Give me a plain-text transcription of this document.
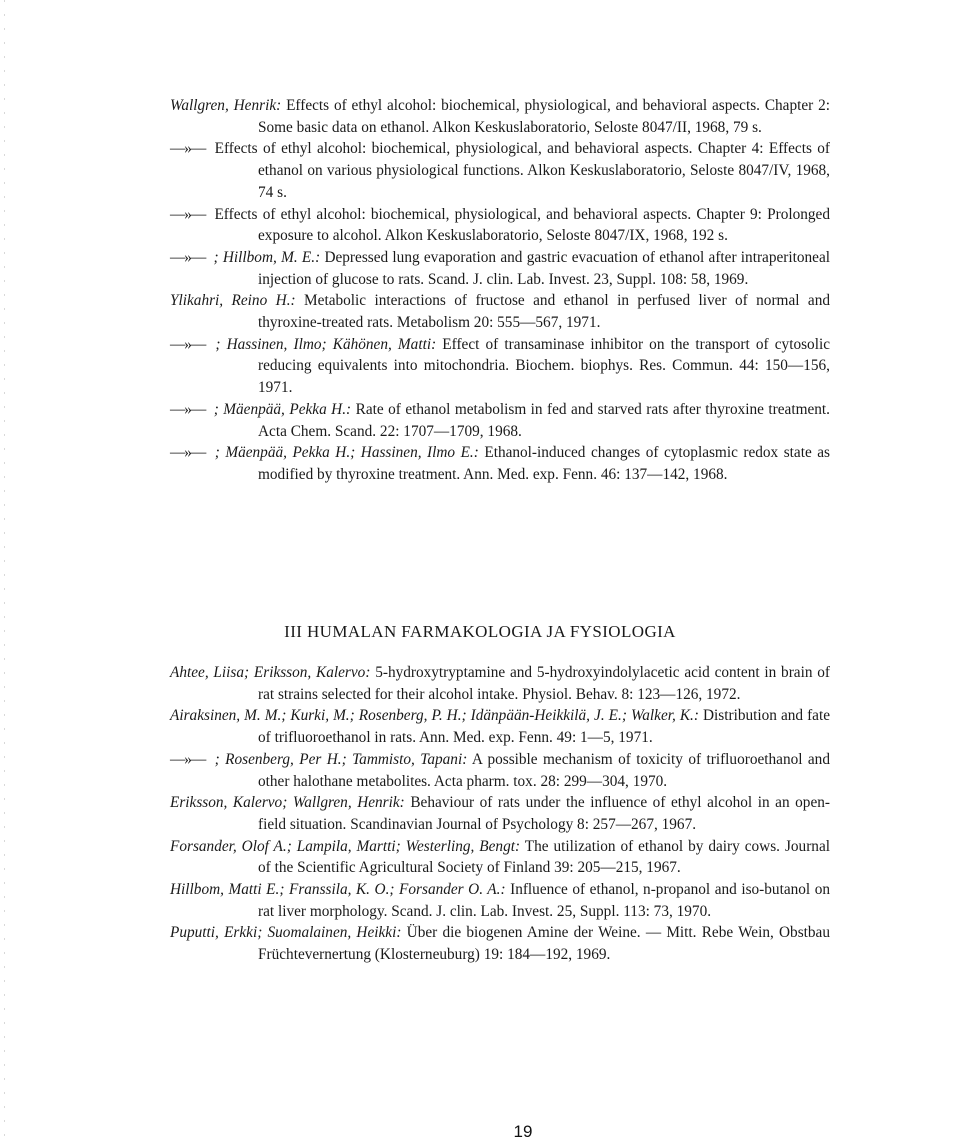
Wallgren, Henrik: Effects of ethyl alcohol: biochemical, physiological, and behavioral aspects. Chapter 2: Some basic data on ethanol. Alkon Keskuslaboratorio, Seloste 8047/II, 1968, 79 s.

—»— Effects of ethyl alcohol: biochemical, physiological, and behavioral aspects. Chapter 4: Effects of ethanol on various physiological functions. Alkon Keskuslaboratorio, Seloste 8047/IV, 1968, 74 s.

—»— Effects of ethyl alcohol: biochemical, physiological, and behavioral aspects. Chapter 9: Prolonged exposure to alcohol. Alkon Keskuslaboratorio, Seloste 8047/IX, 1968, 192 s.

—»— ; Hillbom, M. E.: Depressed lung evaporation and gastric evacuation of ethanol after intraperitoneal injection of glucose to rats. Scand. J. clin. Lab. Invest. 23, Suppl. 108: 58, 1969.

Ylikahri, Reino H.: Metabolic interactions of fructose and ethanol in perfused liver of normal and thyroxine-treated rats. Metabolism 20: 555—567, 1971.

—»— ; Hassinen, Ilmo; Kähönen, Matti: Effect of transaminase inhibitor on the transport of cytosolic reducing equivalents into mitochondria. Biochem. biophys. Res. Commun. 44: 150—156, 1971.

—»— ; Mäenpää, Pekka H.: Rate of ethanol metabolism in fed and starved rats after thyroxine treatment. Acta Chem. Scand. 22: 1707—1709, 1968.

—»— ; Mäenpää, Pekka H.; Hassinen, Ilmo E.: Ethanol-induced changes of cytoplasmic redox state as modified by thyroxine treatment. Ann. Med. exp. Fenn. 46: 137—142, 1968.

III HUMALAN FARMAKOLOGIA JA FYSIOLOGIA

Ahtee, Liisa; Eriksson, Kalervo: 5-hydroxytryptamine and 5-hydroxyindolylacetic acid content in brain of rat strains selected for their alcohol intake. Physiol. Behav. 8: 123—126, 1972.

Airaksinen, M. M.; Kurki, M.; Rosenberg, P. H.; Idänpään-Heikkilä, J. E.; Walker, K.: Distribution and fate of trifluoroethanol in rats. Ann. Med. exp. Fenn. 49: 1—5, 1971.

—»— ; Rosenberg, Per H.; Tammisto, Tapani: A possible mechanism of toxicity of trifluoroethanol and other halothane metabolites. Acta pharm. tox. 28: 299—304, 1970.

Eriksson, Kalervo; Wallgren, Henrik: Behaviour of rats under the influence of ethyl alcohol in an open-field situation. Scandinavian Journal of Psychology 8: 257—267, 1967.

Forsander, Olof A.; Lampila, Martti; Westerling, Bengt: The utilization of ethanol by dairy cows. Journal of the Scientific Agricultural Society of Finland 39: 205—215, 1967.

Hillbom, Matti E.; Franssila, K. O.; Forsander O. A.: Influence of ethanol, n-propanol and iso-butanol on rat liver morphology. Scand. J. clin. Lab. Invest. 25, Suppl. 113: 73, 1970.

Puputti, Erkki; Suomalainen, Heikki: Über die biogenen Amine der Weine. — Mitt. Rebe Wein, Obstbau Früchtevernertung (Klosterneuburg) 19: 184—192, 1969.

19
